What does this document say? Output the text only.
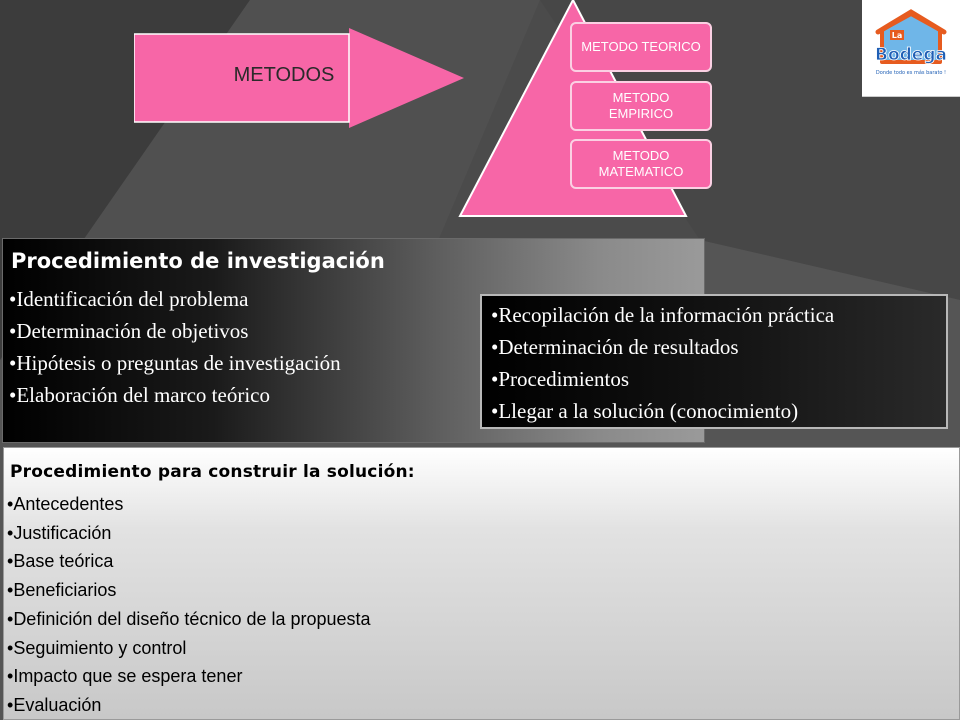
METODOS
METODO TEORICO
METODO EMPIRICO
METODO MATEMATICO
La
Bodega
Donde todo es más barato !
Procedimiento de investigación
• Identificación del problema
• Determinación de objetivos
• Hipótesis o preguntas de investigación
• Elaboración del marco teórico
• Recopilación de la información práctica
• Determinación de resultados
• Procedimientos
• Llegar a la solución (conocimiento)
Procedimiento para construir la solución:
• Antecedentes
• Justificación
• Base teórica
• Beneficiarios
• Definición del diseño técnico de la propuesta
• Seguimiento y control
• Impacto que se espera tener
• Evaluación
